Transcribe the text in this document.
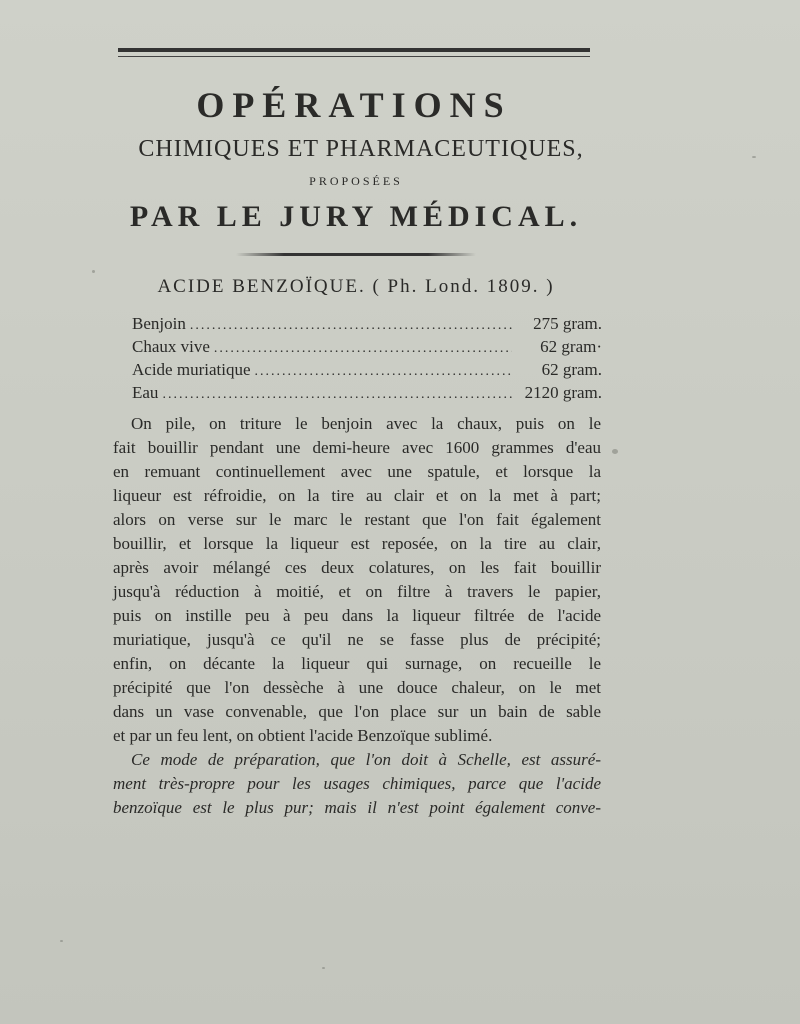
OPÉRATIONS
CHIMIQUES ET PHARMACEUTIQUES,
PROPOSÉES
PAR LE JURY MÉDICAL.
ACIDE BENZOÏQUE. ( Ph. Lond. 1809. )
Benjoin .....	275 gram.
Chaux vive .....	62 gram·
Acide muriatique .....	62 gram.
Eau .....	2120 gram.

On pile, on triture le benjoin avec la chaux, puis on le

fait bouillir pendant une demi-heure avec 1600 grammes d'eau

en remuant continuellement avec une spatule, et lorsque la

liqueur est réfroidie, on la tire au clair et on la met à part;

alors on verse sur le marc le restant que l'on fait également

bouillir, et lorsque la liqueur est reposée, on la tire au clair,

après avoir mélangé ces deux colatures, on les fait bouillir

jusqu'à réduction à moitié, et on filtre à travers le papier,

puis on instille peu à peu dans la liqueur filtrée de l'acide

muriatique, jusqu'à ce qu'il ne se fasse plus de précipité;

enfin, on décante la liqueur qui surnage, on recueille le

précipité que l'on dessèche à une douce chaleur, on le met

dans un vase convenable, que l'on place sur un bain de sable

et par un feu lent, on obtient l'acide Benzoïque sublimé.

Ce mode de préparation, que l'on doit à Schelle, est assuré-

ment très-propre pour les usages chimiques, parce que l'acide

benzoïque est le plus pur; mais il n'est point également conve-
